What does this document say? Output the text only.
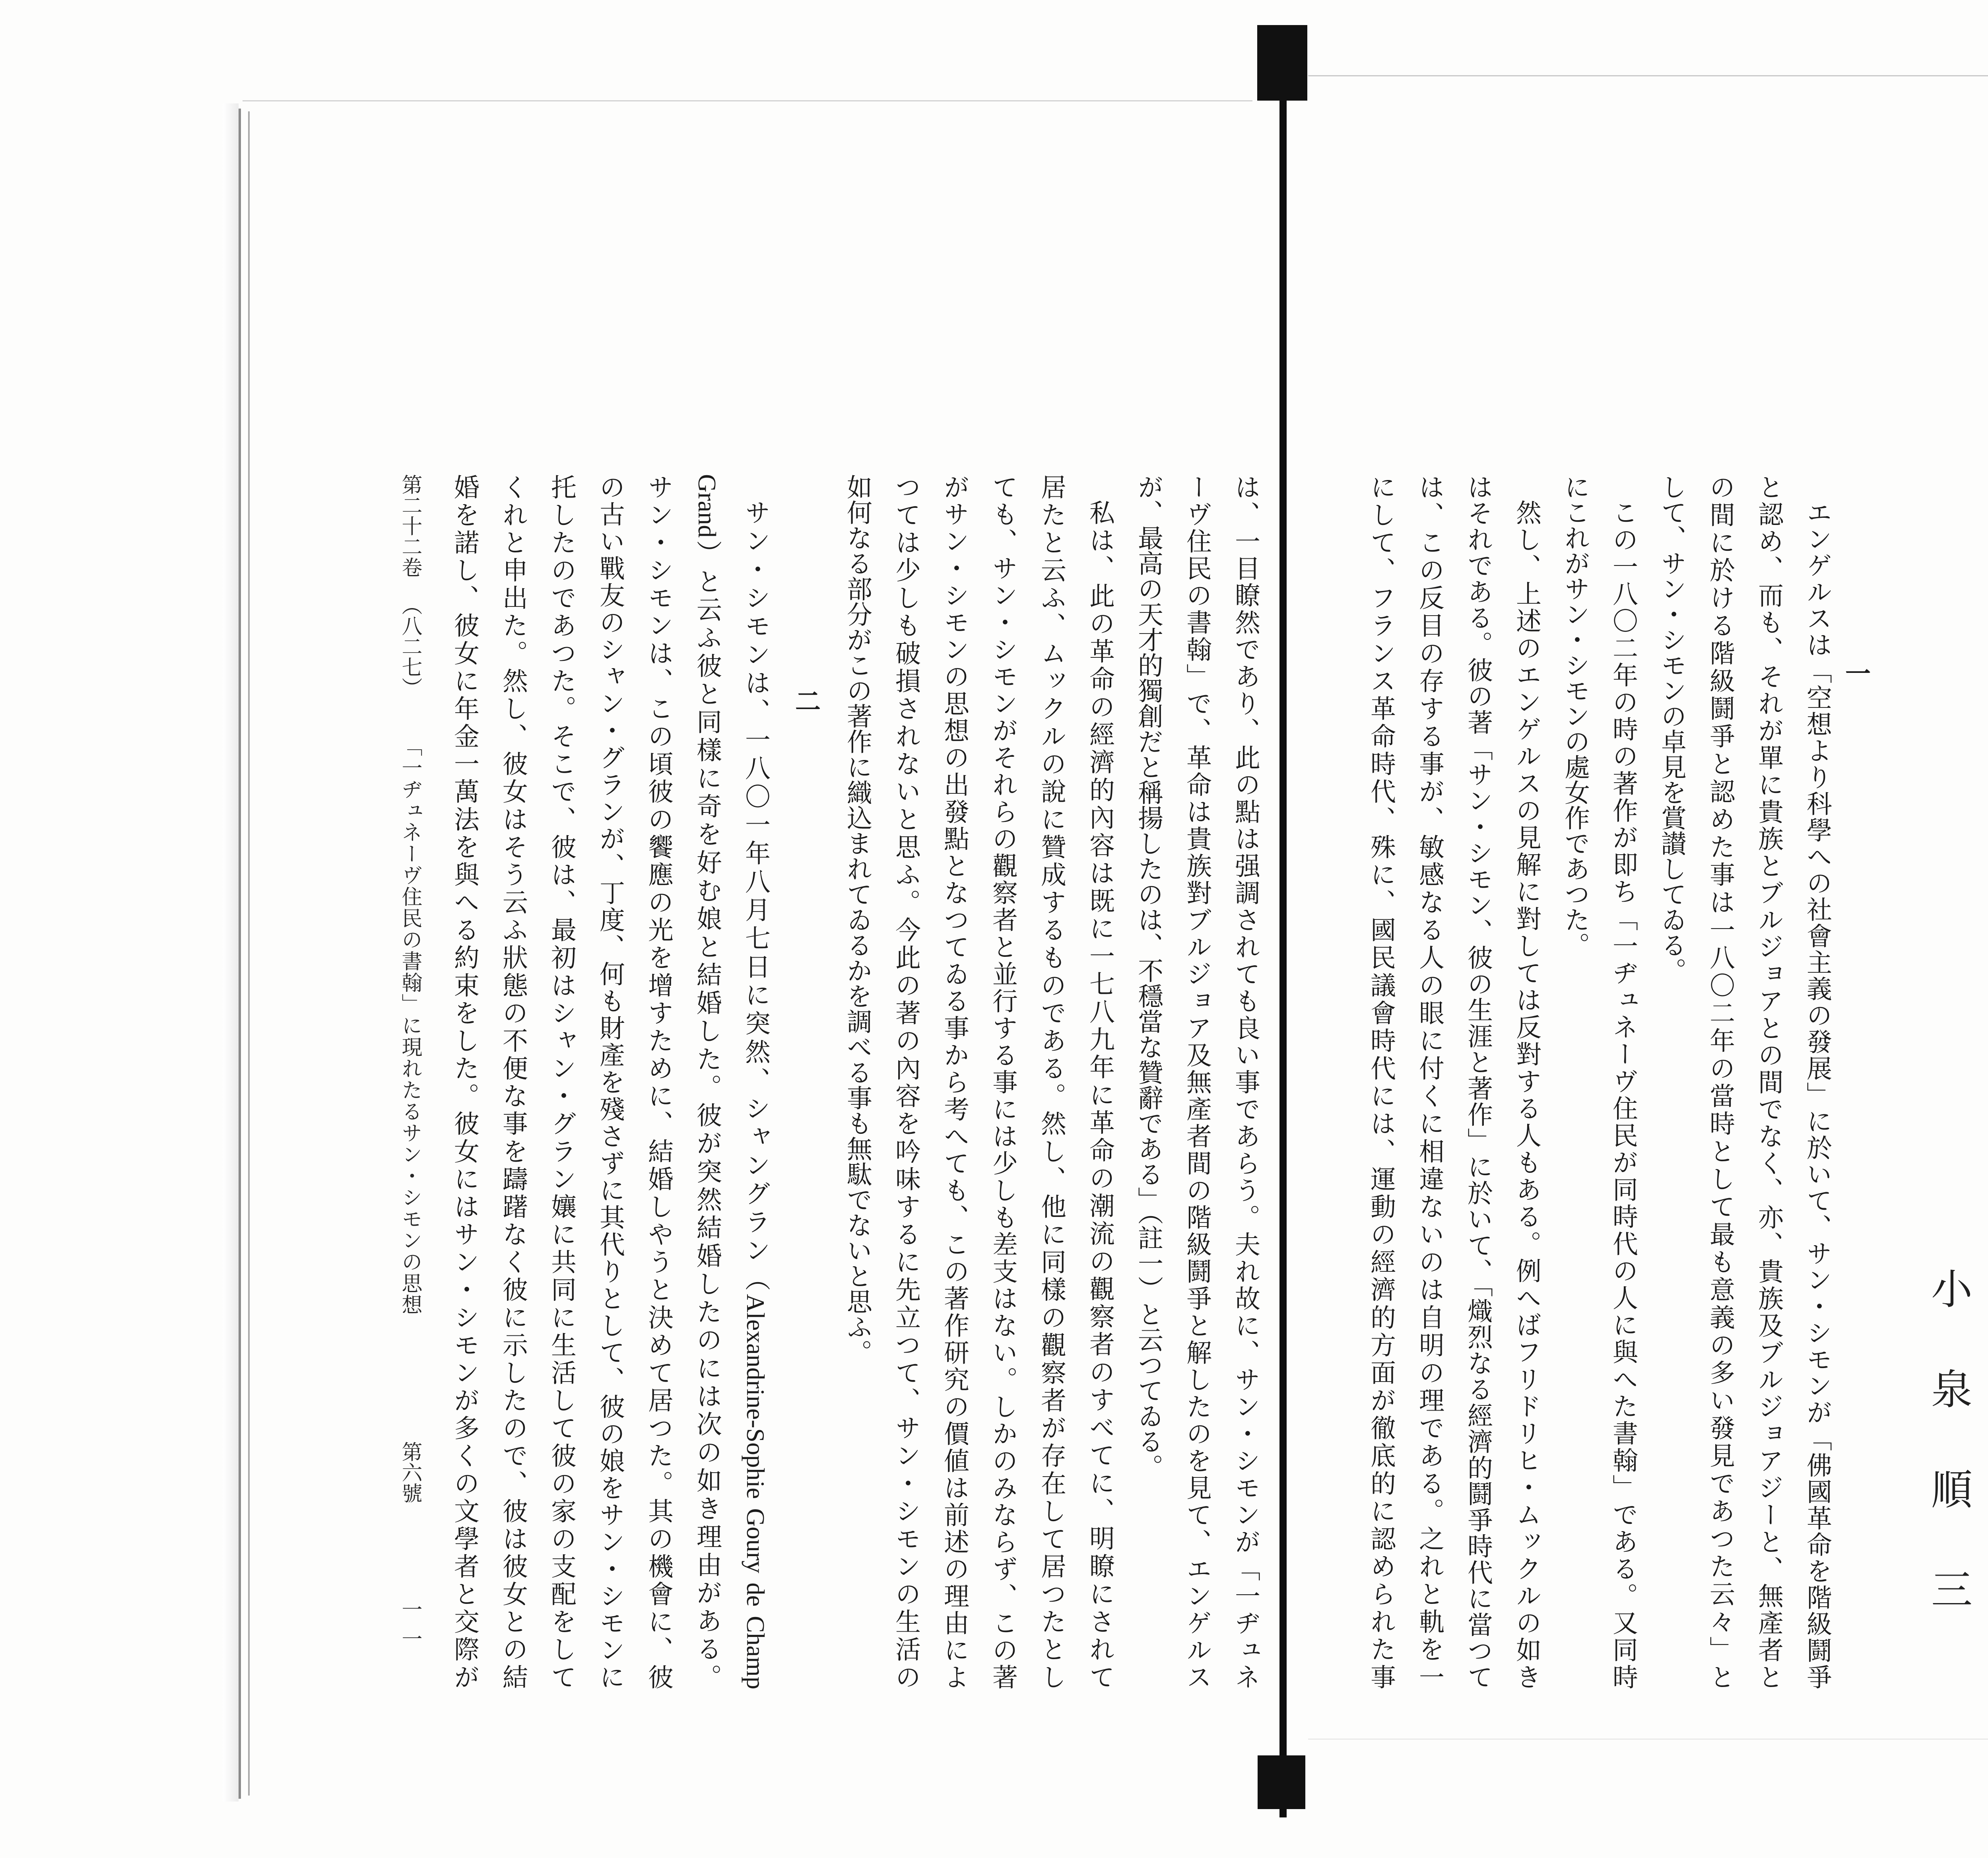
小泉順三
一
エンゲルスは「空想より科學への社會主義の發展」に於いて、サン・シモンが「佛國革命を階級鬪爭
と認め、而も、それが單に貴族とブルジョアとの間でなく、亦、貴族及ブルジョアジーと、無產者と
の間に於ける階級鬪爭と認めた事は一八〇二年の當時として最も意義の多い發見であつた云々」と
して、サン・シモンの卓見を賞讃してゐる。
この一八〇二年の時の著作が即ち「一ヂュネーヴ住民が同時代の人に與へた書翰」である。又同時
にこれがサン・シモンの處女作であつた。
然し、上述のエンゲルスの見解に對しては反對する人もある。例へばフリドリヒ・ムックルの如き
はそれである。彼の著「サン・シモン、彼の生涯と著作」に於いて、「熾烈なる經濟的鬪爭時代に當つて
は、この反目の存する事が、敏感なる人の眼に付くに相違ないのは自明の理である。之れと軌を一
にして、フランス革命時代、殊に、國民議會時代には、運動の經濟的方面が徹底的に認められた事
は、一目瞭然であり、此の點は强調されても良い事であらう。夫れ故に、サン・シモンが「一ヂュネ
ーヴ住民の書翰」で、革命は貴族對ブルジョア及無產者間の階級鬪爭と解したのを見て、エンゲルス
が、最高の天才的獨創だと稱揚したのは、不穩當な贊辭である」（註一）と云つてゐる。
私は、此の革命の經濟的內容は既に一七八九年に革命の潮流の觀察者のすべてに、明瞭にされて
居たと云ふ、ムックルの說に贊成するものである。然し、他に同樣の觀察者が存在して居つたとし
ても、サン・シモンがそれらの觀察者と並行する事には少しも差支はない。しかのみならず、この著
がサン・シモンの思想の出發點となつてゐる事から考へても、この著作研究の價値は前述の理由によ
つては少しも破損されないと思ふ。今此の著の內容を吟味するに先立つて、サン・シモンの生活の
如何なる部分がこの著作に織込まれてゐるかを調べる事も無駄でないと思ふ。
二
サン・シモンは、一八〇一年八月七日に突然、シャングラン（Alexandrine-Sophie Goury de Champ
Grand）と云ふ彼と同樣に奇を好む娘と結婚した。彼が突然結婚したのには次の如き理由がある。
サン・シモンは、この頃彼の饗應の光を增すために、結婚しやうと決めて居つた。其の機會に、彼
の古い戰友のシャン・グランが、丁度、何も財產を殘さずに其代りとして、彼の娘をサン・シモンに
托したのであつた。そこで、彼は、最初はシャン・グラン孃に共同に生活して彼の家の支配をして
くれと申出た。然し、彼女はそう云ふ狀態の不便な事を躊躇なく彼に示したので、彼は彼女との結
婚を諾し、彼女に年金一萬法を與へる約束をした。彼女にはサン・シモンが多くの文學者と交際が
第二十二卷
（八二七）
「一ヂュネーヴ住民の書翰」に現れたるサン・シモンの思想
第六號
一一
